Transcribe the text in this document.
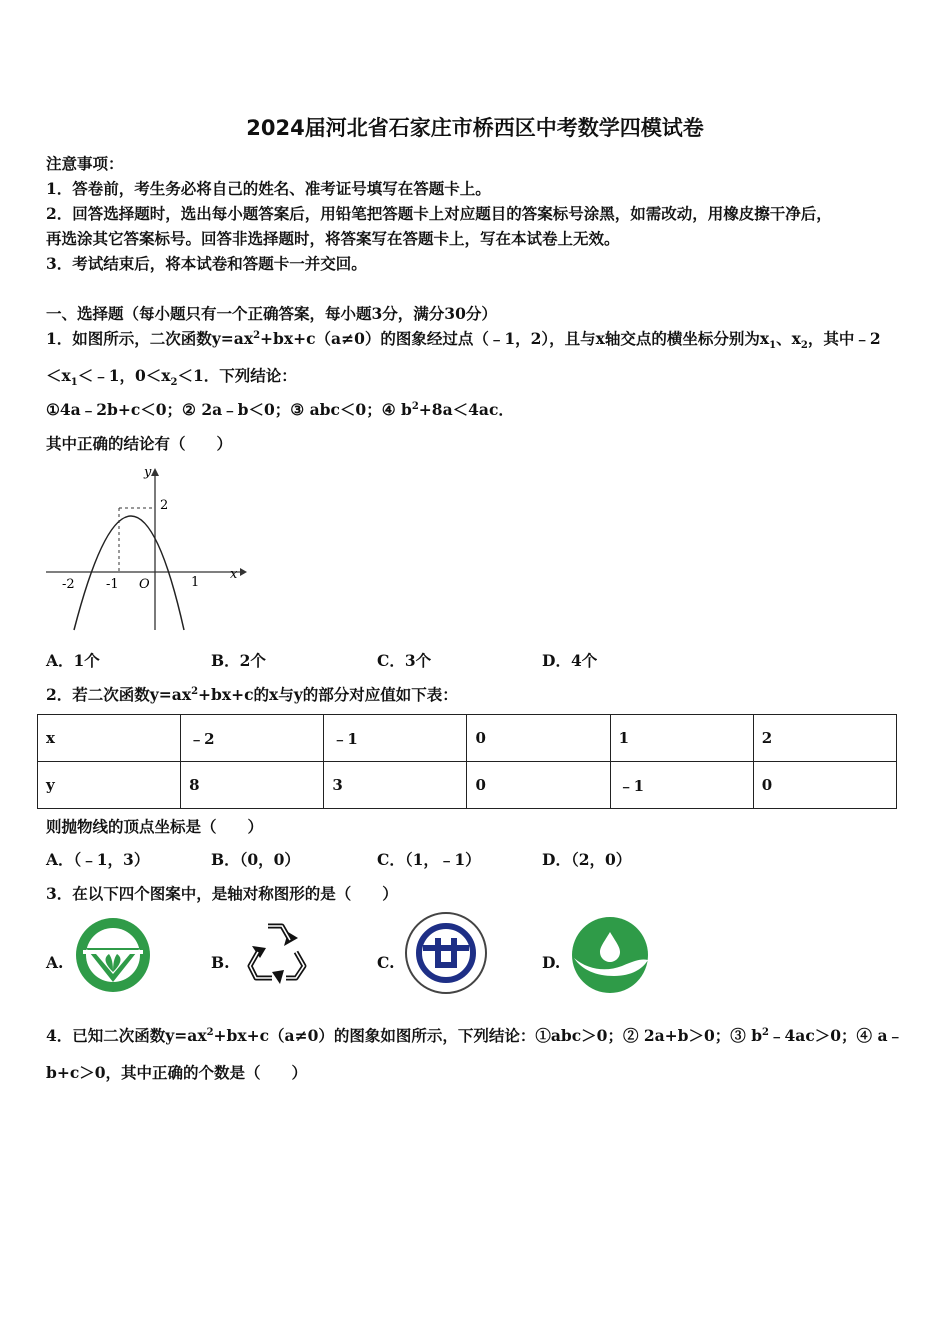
2024届河北省石家庄市桥西区中考数学四模试卷
注意事项：
1．答卷前，考生务必将自己的姓名、准考证号填写在答题卡上。
2．回答选择题时，选出每小题答案后，用铅笔把答题卡上对应题目的答案标号涂黑，如需改动，用橡皮擦干净后，
再选涂其它答案标号。回答非选择题时，将答案写在答题卡上，写在本试卷上无效。
3．考试结束后，将本试卷和答题卡一并交回。
一、选择题（每小题只有一个正确答案，每小题3分，满分30分）
1．如图所示，二次函数$y=ax^2+bx+c(a\ne 0)$的图象经过点（﹣1，2），且与x轴交点的横坐标分别为$x_1$、$x_2$，其中﹣2
$<x_1<﹣1$，$0<x_2<1$．下列结论：
①4a﹣2b+c＜0；② 2a﹣b＜0；③ abc＜0；④ $b^2+8a<4ac$．
其中正确的结论有（　　）
y
x
O
-2 -1	1
2
A．1个	B．2个	C．3个	D．4个
2．若二次函数$y=ax^2+bx+c$的x与y的部分对应值如下表：
x	﹣2	﹣1	0	1	2
y	8	3	0	﹣1	0
则抛物线的顶点坐标是（　　）
A．（﹣1，3）	B．（0，0）	C．（1，﹣1）	D．（2，0）
3．在以下四个图案中，是轴对称图形的是（　　）
A.	B.	C.	D.
4．已知二次函数$y=ax^2+bx+c(a\ne 0)$的图象如图所示，下列结论：①abc＞0；② 2a+b＞0；③ $b^2﹣4ac>0$；④ a﹣
b+c＞0，其中正确的个数是（　　）
